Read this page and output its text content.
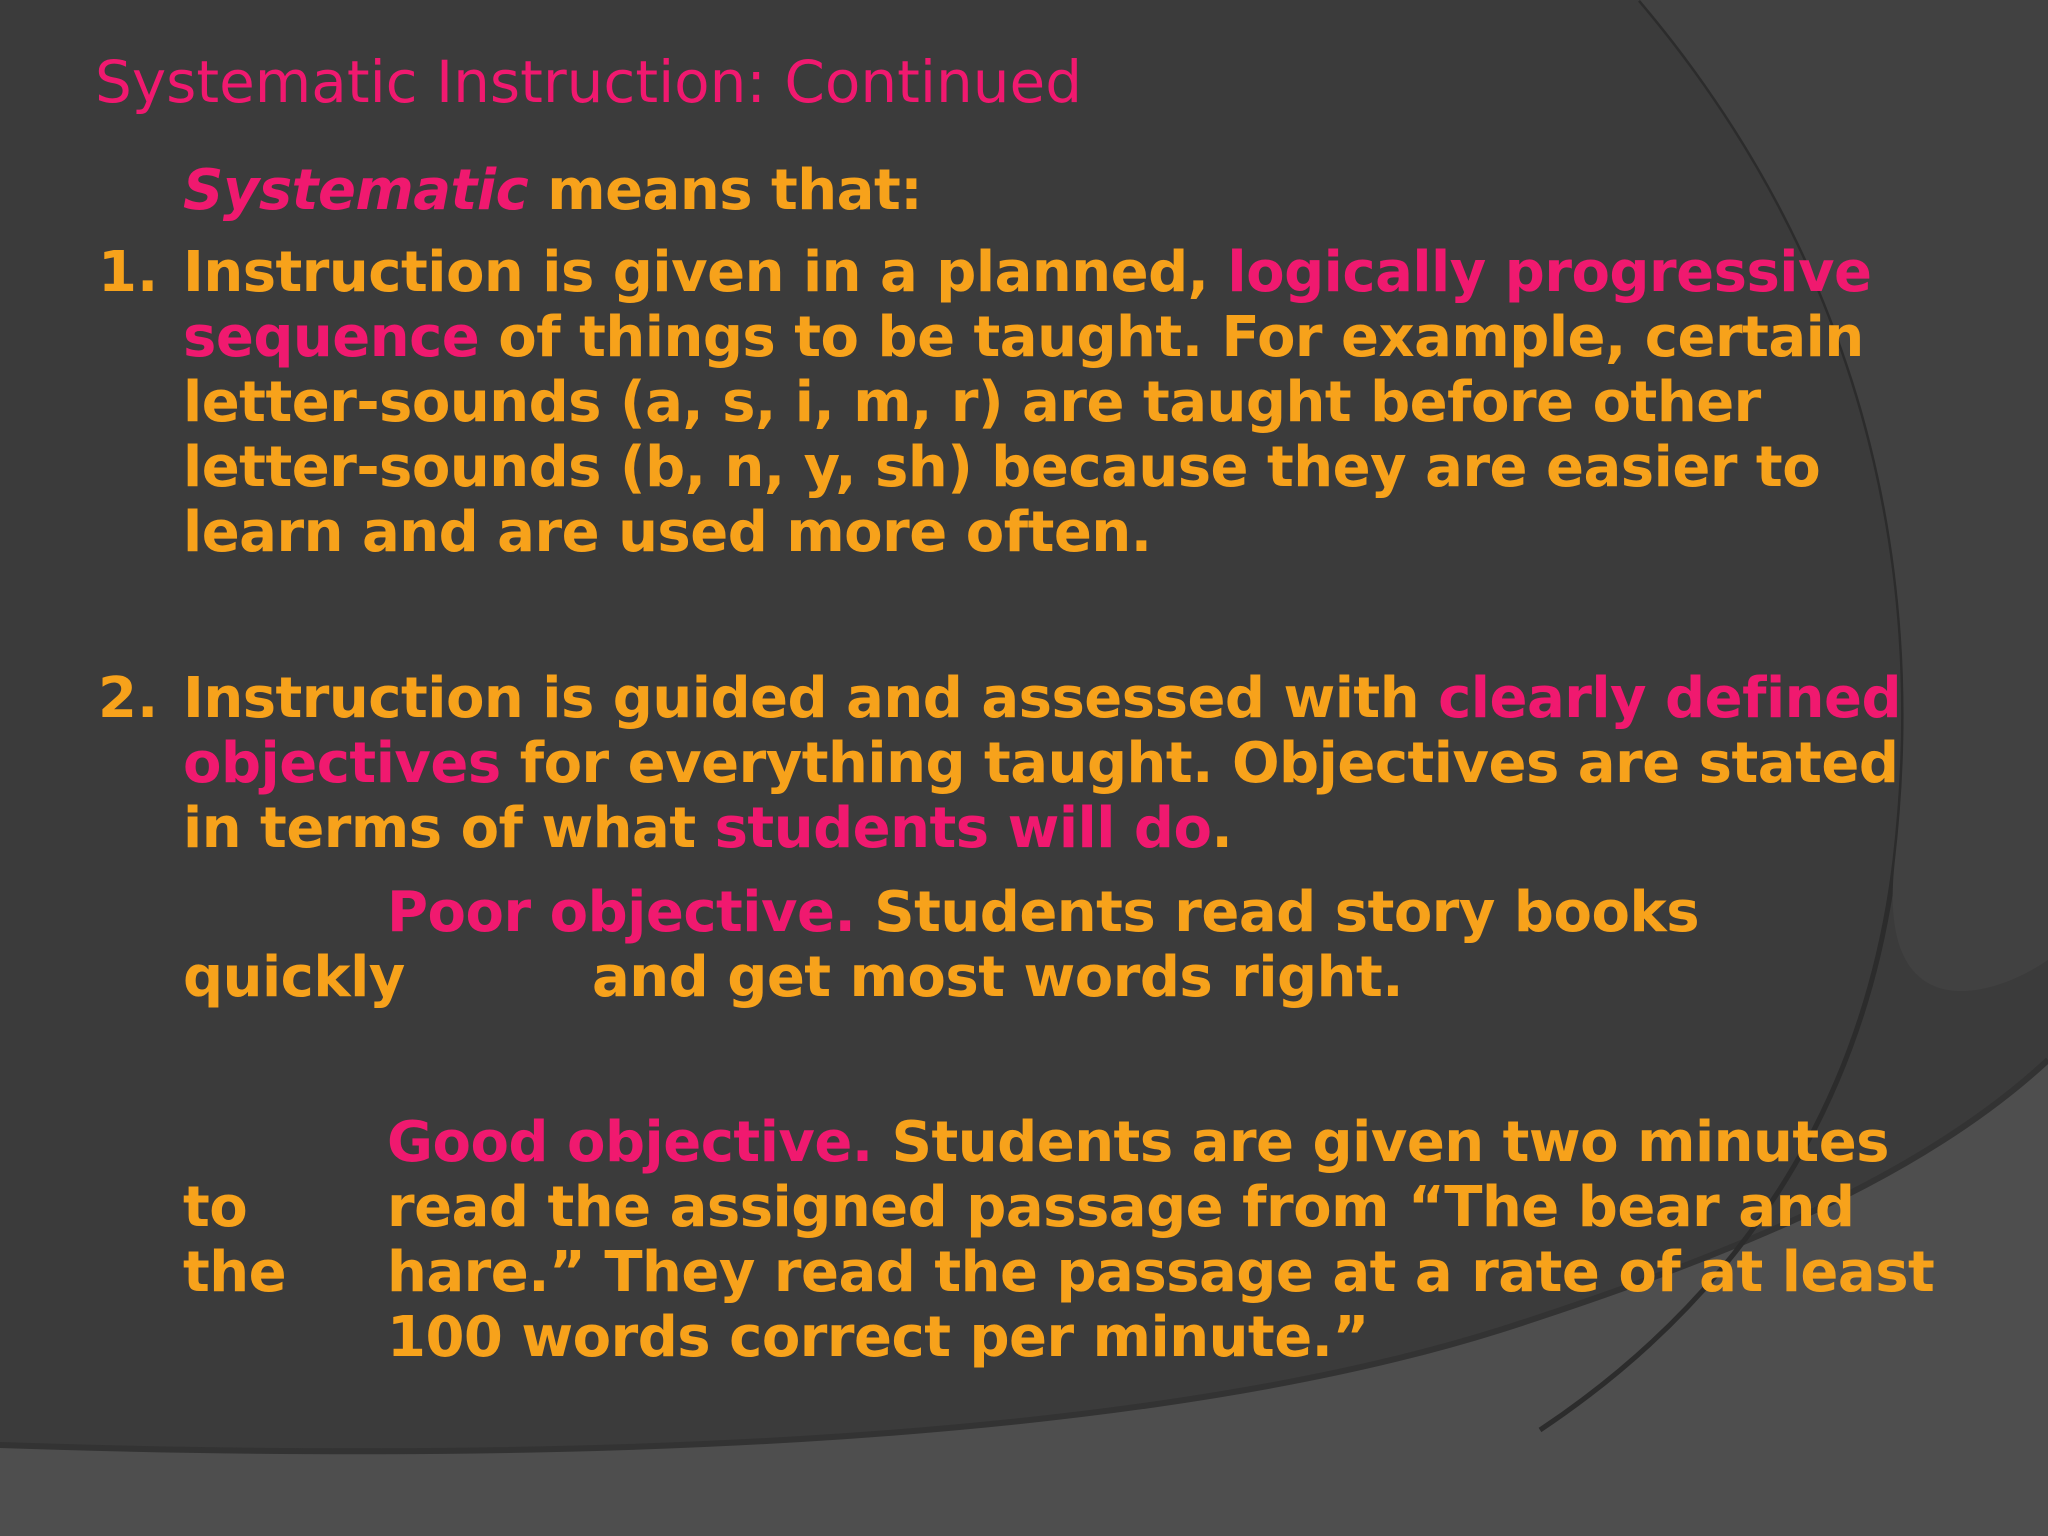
Systematic Instruction: Continued

Systematic means that:

1. Instruction is given in a planned, logically progressive

sequence of things to be taught. For example, certain

letter-sounds (a, s, i, m, r) are taught before other

letter-sounds (b, n, y, sh) because they are easier to

learn and are used more often.

2. Instruction is guided and assessed with clearly defined

objectives for everything taught. Objectives are stated

in terms of what students will do.

Poor objective. Students read story books

quickly	and get most words right.

Good objective. Students are given two minutes

to read the assigned passage from “The bear and

the hare.” They read the passage at a rate of at least

100 words correct per minute.”
